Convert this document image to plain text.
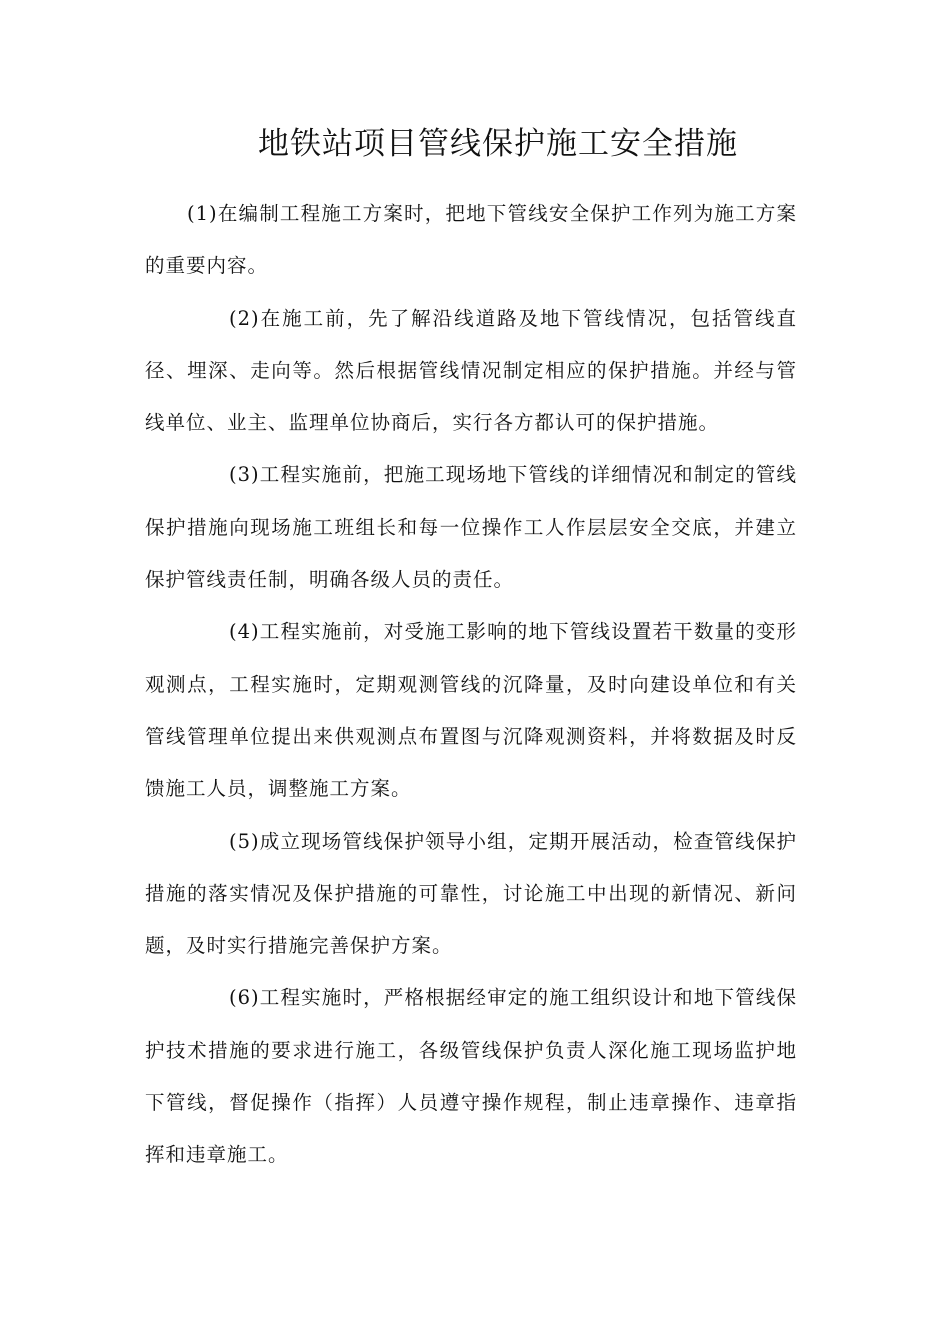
地铁站项目管线保护施工安全措施

(1)在编制工程施工方案时，把地下管线安全保护工作列为施工方案的重要内容。

(2)在施工前，先了解沿线道路及地下管线情况，包括管线直径、埋深、走向等。然后根据管线情况制定相应的保护措施。并经与管线单位、业主、监理单位协商后，实行各方都认可的保护措施。

(3)工程实施前，把施工现场地下管线的详细情况和制定的管线保护措施向现场施工班组长和每一位操作工人作层层安全交底，并建立保护管线责任制，明确各级人员的责任。

(4)工程实施前，对受施工影响的地下管线设置若干数量的变形观测点，工程实施时，定期观测管线的沉降量，及时向建设单位和有关管线管理单位提出来供观测点布置图与沉降观测资料，并将数据及时反馈施工人员，调整施工方案。

(5)成立现场管线保护领导小组，定期开展活动，检查管线保护措施的落实情况及保护措施的可靠性，讨论施工中出现的新情况、新问题，及时实行措施完善保护方案。

(6)工程实施时，严格根据经审定的施工组织设计和地下管线保护技术措施的要求进行施工，各级管线保护负责人深化施工现场监护地下管线，督促操作（指挥）人员遵守操作规程，制止违章操作、违章指挥和违章施工。
